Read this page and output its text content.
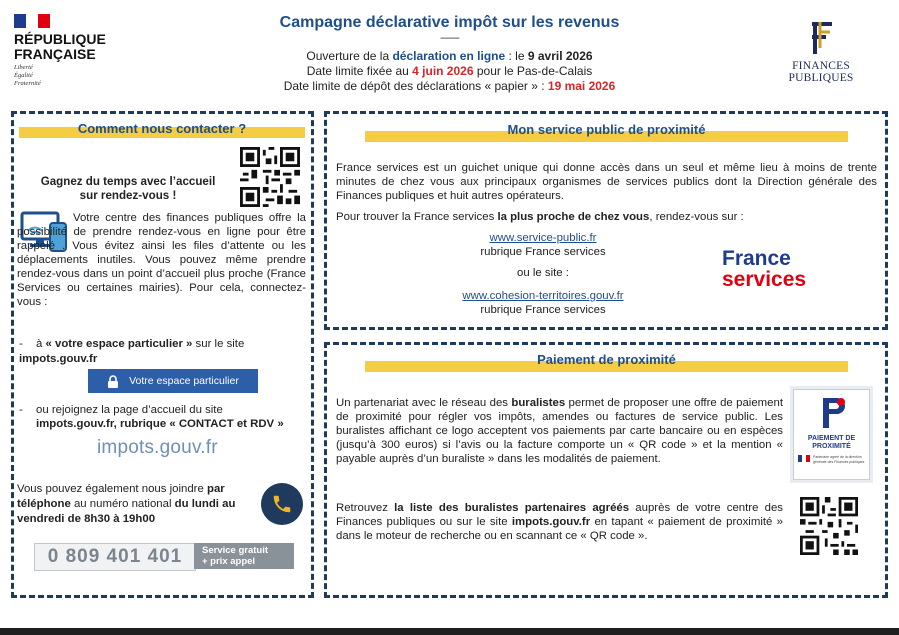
RÉPUBLIQUE
FRANÇAISE
Liberté
Égalité
Fraternité
Campagne déclarative impôt sur les revenus
--------
Ouverture de la déclaration en ligne : le 9 avril 2026
Date limite fixée au 4 juin 2026 pour le Pas-de-Calais
Date limite de dépôt des déclarations « papier » : 19 mai 2026
FINANCES PUBLIQUES
Comment nous contacter ?
Gagnez du temps avec l’accueil
sur rendez-vous !
Votre centre des finances publiques offre la possibilité de prendre rendez-vous en ligne pour être rappelé . Vous évitez ainsi les files d’attente ou les déplacements inutiles. Vous pouvez même prendre rendez-vous dans un point d’accueil plus proche (France Services ou certaines mairies). Pour cela, connectez-vous :
-	à « votre espace particulier » sur le site
impots.gouv.fr
Votre espace particulier
-	ou rejoignez la page d’accueil du site
impots.gouv.fr, rubrique « CONTACT et RDV »
impots.gouv.fr
Vous pouvez également nous joindre par téléphone au numéro national du lundi au vendredi de 8h30 à 19h00
0 809 401 401	Service gratuit
+ prix appel
Mon service public de proximité
France services est un guichet unique qui donne accès dans un seul et même lieu à moins de trente minutes de chez vous aux principaux organismes de services publics dont la Direction générale des Finances publiques et huit autres opérateurs.
Pour trouver la France services la plus proche de chez vous, rendez-vous sur :
www.service-public.fr
rubrique France services
ou le site :
www.cohesion-territoires.gouv.fr
rubrique France services
France
services
Paiement de proximité
Un partenariat avec le réseau des buralistes permet de proposer une offre de paiement de proximité pour régler vos impôts, amendes ou factures de service public. Les buralistes affichant ce logo acceptent vos paiements par carte bancaire ou en espèces (jusqu’à 300 euros) si l’avis ou la facture comporte un « QR code » et la mention « payable auprès d’un buraliste » dans les modalités de paiement.
Retrouvez la liste des buralistes partenaires agréés auprès de votre centre des Finances publiques ou sur le site impots.gouv.fr en tapant « paiement de proximité » dans le moteur de recherche ou en scannant ce « QR code ».
PAIEMENT DE
PROXIMITÉ
Partenaire agréé de la direction générale des Finances publiques
